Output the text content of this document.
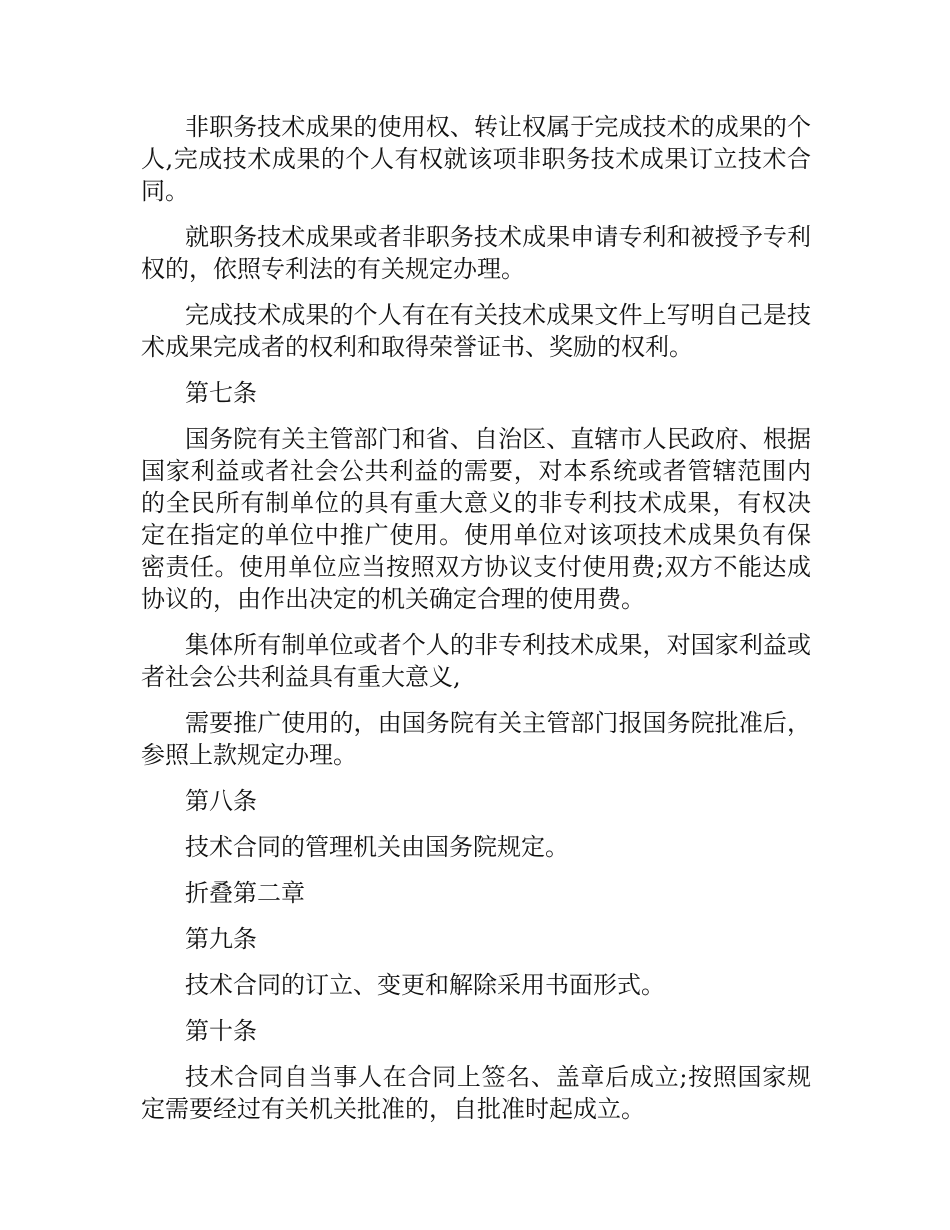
非职务技术成果的使用权、转让权属于完成技术的成果的个人,完成技术成果的个人有权就该项非职务技术成果订立技术合同。

就职务技术成果或者非职务技术成果申请专利和被授予专利权的，依照专利法的有关规定办理。

完成技术成果的个人有在有关技术成果文件上写明自己是技术成果完成者的权利和取得荣誉证书、奖励的权利。

第七条

国务院有关主管部门和省、自治区、直辖市人民政府、根据国家利益或者社会公共利益的需要，对本系统或者管辖范围内的全民所有制单位的具有重大意义的非专利技术成果，有权决定在指定的单位中推广使用。使用单位对该项技术成果负有保密责任。使用单位应当按照双方协议支付使用费;双方不能达成协议的，由作出决定的机关确定合理的使用费。

集体所有制单位或者个人的非专利技术成果，对国家利益或者社会公共利益具有重大意义,

需要推广使用的，由国务院有关主管部门报国务院批准后，参照上款规定办理。

第八条

技术合同的管理机关由国务院规定。

折叠第二章

第九条

技术合同的订立、变更和解除采用书面形式。

第十条

技术合同自当事人在合同上签名、盖章后成立;按照国家规定需要经过有关机关批准的，自批准时起成立。
